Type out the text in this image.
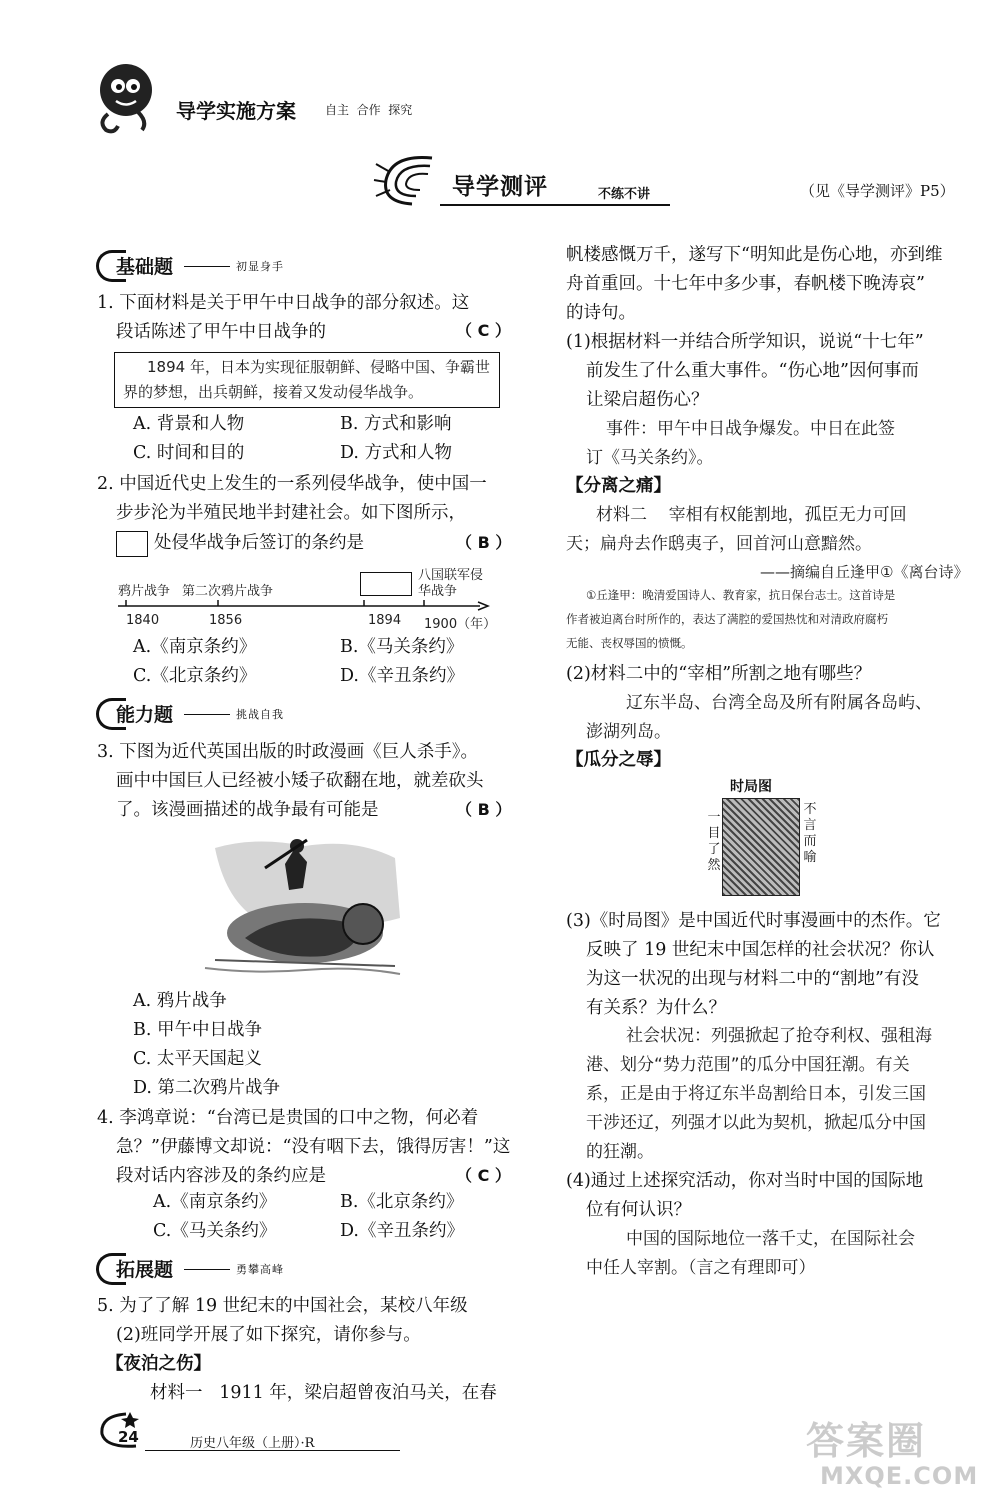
导学实施方案 自主  合作  探究
导学测评	不练不讲	（见《导学测评》P5）
基础题	初显身手
1. 下面材料是关于甲午中日战争的部分叙述。这
段话陈述了甲午中日战争的	（ C ）
1894 年，日本为实现征服朝鲜、侵略中国、争霸世
界的梦想，出兵朝鲜，接着又发动侵华战争。
A. 背景和人物	B. 方式和影响
C. 时间和目的	D. 方式和人物
2. 中国近代史上发生的一系列侵华战争，使中国一
步步沦为半殖民地半封建社会。如下图所示，
处侵华战争后签订的条约是	（ B ）
鸦片战争 第二次鸦片战争
八国联军侵
华战争
1840	1856	1894 1900（年）
A.《南京条约》	B.《马关条约》
C.《北京条约》	D.《辛丑条约》
能力题	挑战自我
3. 下图为近代英国出版的时政漫画《巨人杀手》。
画中中国巨人已经被小矮子砍翻在地，就差砍头
了。该漫画描述的战争最有可能是	（ B ）
A. 鸦片战争
B. 甲午中日战争
C. 太平天国起义
D. 第二次鸦片战争
4. 李鸿章说：“台湾已是贵国的口中之物，何必着
急？”伊藤博文却说：“没有咽下去，饿得厉害！”这
段对话内容涉及的条约应是	（ C ）
A.《南京条约》	B.《北京条约》
C.《马关条约》	D.《辛丑条约》
拓展题	勇攀高峰
5. 为了了解 19 世纪末的中国社会，某校八年级
(2)班同学开展了如下探究，请你参与。
【夜泊之伤】
材料一   1911 年，梁启超曾夜泊马关，在春
帆楼感慨万千，遂写下“明知此是伤心地，亦到维
舟首重回。十七年中多少事，春帆楼下晚涛哀”
的诗句。
(1)根据材料一并结合所学知识，说说“十七年”
前发生了什么重大事件。“伤心地”因何事而
让梁启超伤心？
事件：甲午中日战争爆发。中日在此签
订《马关条约》。
【分离之痛】
材料二    宰相有权能割地，孤臣无力可回
天；扁舟去作鸱夷子，回首河山意黯然。
——摘编自丘逢甲①《离台诗》
①丘逢甲：晚清爱国诗人、教育家，抗日保台志士。这首诗是
作者被迫离台时所作的，表达了满腔的爱国热忱和对清政府腐朽
无能、丧权辱国的愤慨。
(2)材料二中的“宰相”所割之地有哪些？
辽东半岛、台湾全岛及所有附属各岛屿、
澎湖列岛。
【瓜分之辱】
时局图
一
目
了
然
不
言
而
喻
(3)《时局图》是中国近代时事漫画中的杰作。它
反映了 19 世纪末中国怎样的社会状况？你认
为这一状况的出现与材料二中的“割地”有没
有关系？为什么？
社会状况：列强掀起了抢夺利权、强租海
港、划分“势力范围”的瓜分中国狂潮。有关
系，正是由于将辽东半岛割给日本，引发三国
干涉还辽，列强才以此为契机，掀起瓜分中国
的狂潮。
(4)通过上述探究活动，你对当时中国的国际地
位有何认识？
中国的国际地位一落千丈，在国际社会
中任人宰割。（言之有理即可）
24	历史八年级（上册）·R	答案圈
MXQE.COM
